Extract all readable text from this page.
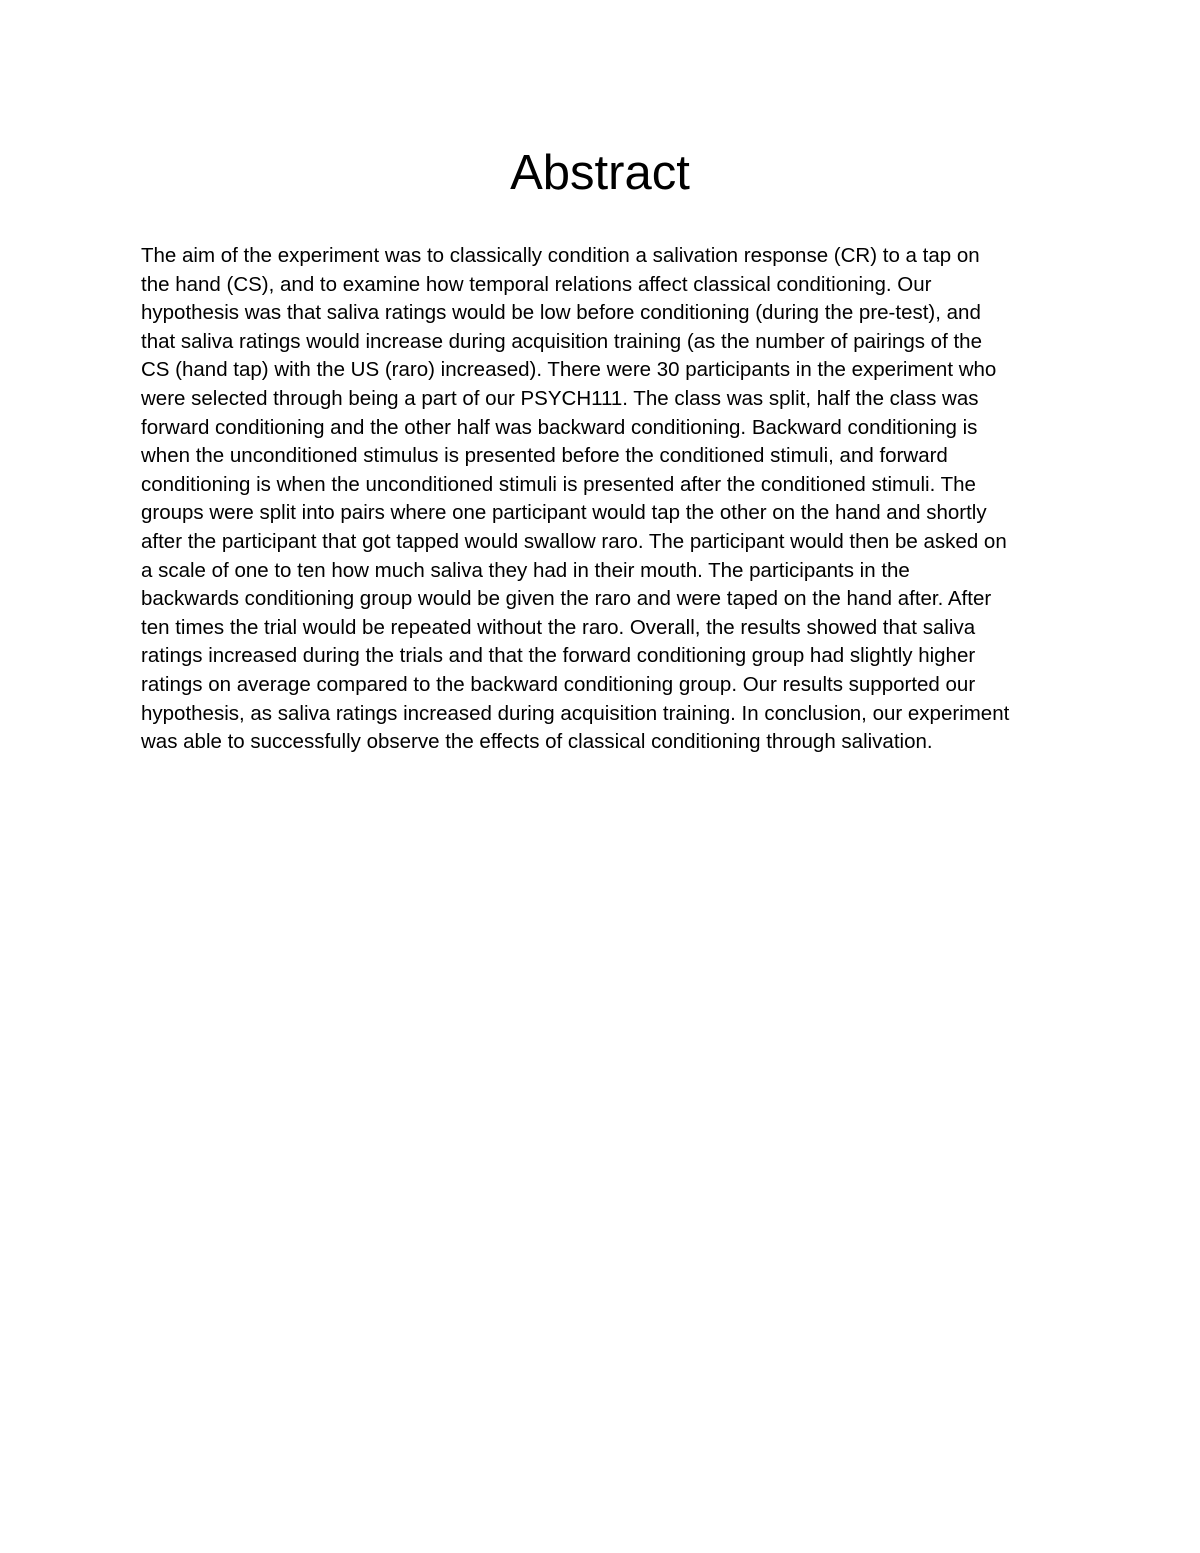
Abstract
The aim of the experiment was to classically condition a salivation response (CR) to a tap on
the hand (CS), and to examine how temporal relations affect classical conditioning. Our
hypothesis was that saliva ratings would be low before conditioning (during the pre-test), and
that saliva ratings would increase during acquisition training (as the number of pairings of the
CS (hand tap) with the US (raro) increased). There were 30 participants in the experiment who
were selected through being a part of our PSYCH111. The class was split, half the class was
forward conditioning and the other half was backward conditioning. Backward conditioning is
when the unconditioned stimulus is presented before the conditioned stimuli, and forward
conditioning is when the unconditioned stimuli is presented after the conditioned stimuli. The
groups were split into pairs where one participant would tap the other on the hand and shortly
after the participant that got tapped would swallow raro. The participant would then be asked on
a scale of one to ten how much saliva they had in their mouth. The participants in the
backwards conditioning group would be given the raro and were taped on the hand after. After
ten times the trial would be repeated without the raro. Overall, the results showed that saliva
ratings increased during the trials and that the forward conditioning group had slightly higher
ratings on average compared to the backward conditioning group. Our results supported our
hypothesis, as saliva ratings increased during acquisition training. In conclusion, our experiment
was able to successfully observe the effects of classical conditioning through salivation.
